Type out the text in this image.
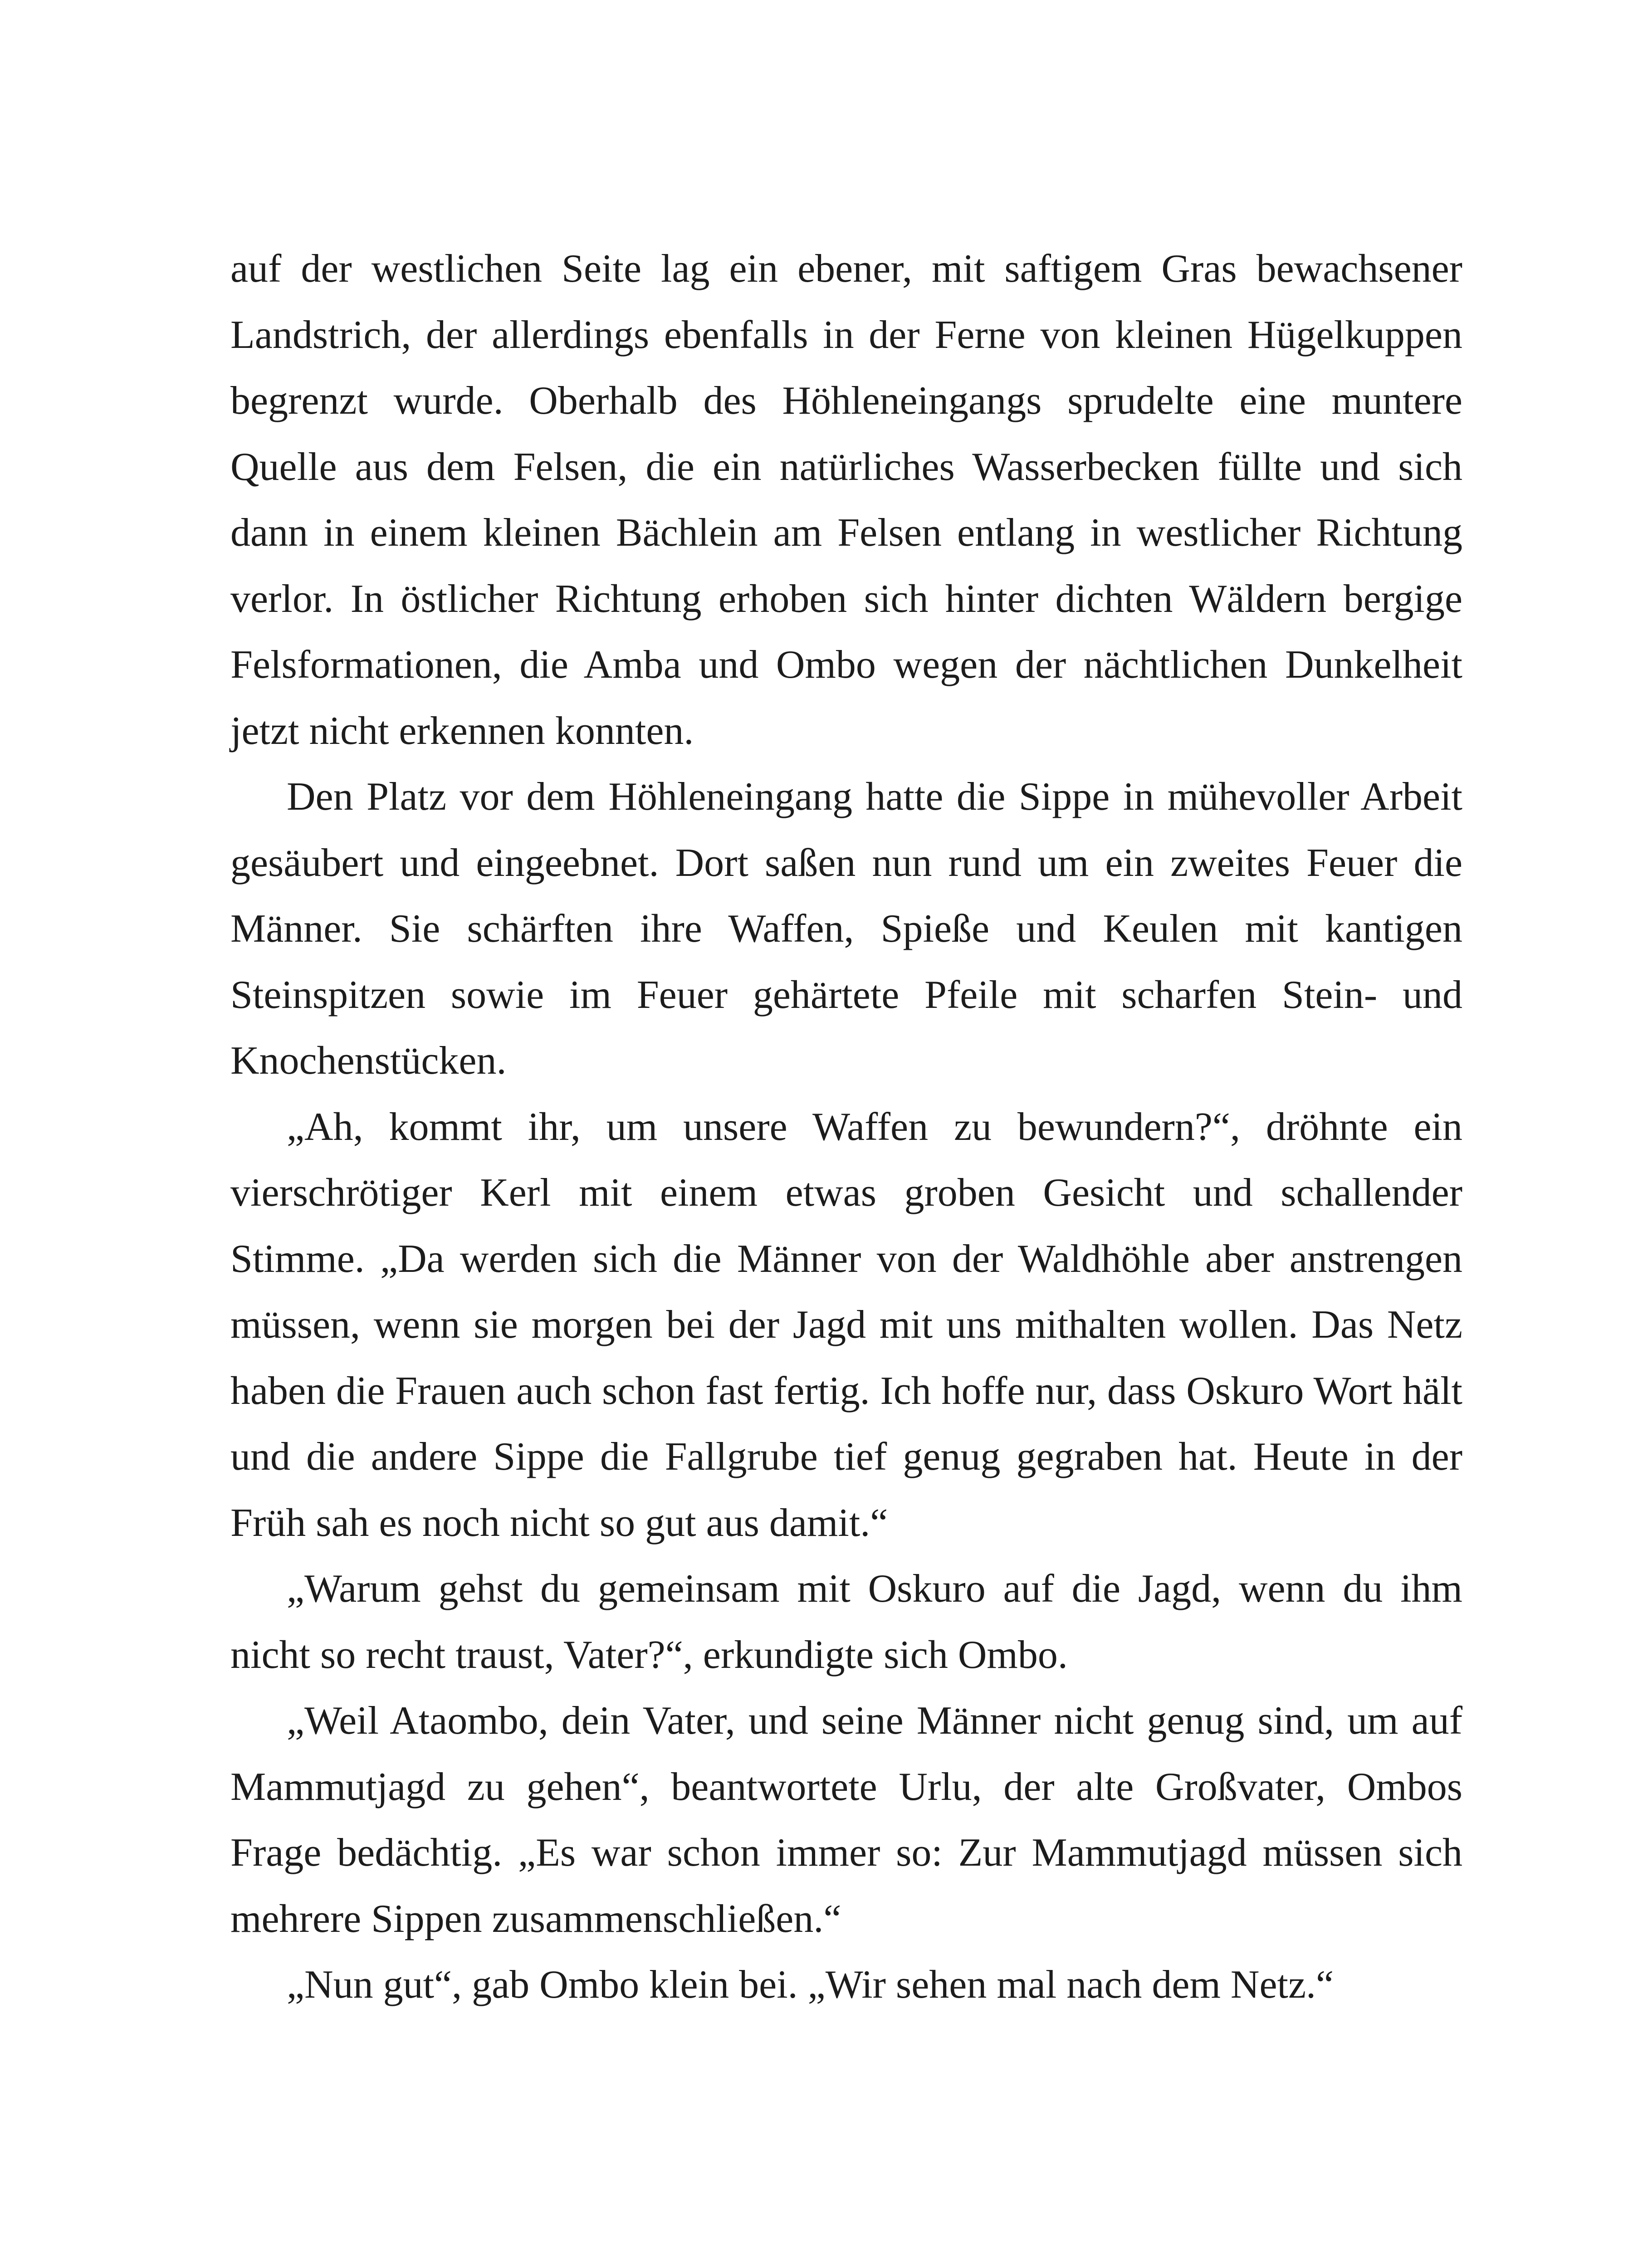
auf der westlichen Seite lag ein ebener, mit saftigem Gras bewachsener Landstrich, der allerdings ebenfalls in der Ferne von kleinen Hügelkuppen begrenzt wurde. Oberhalb des Höhleneingangs sprudelte eine muntere Quelle aus dem Felsen, die ein natürliches Wasserbecken füllte und sich dann in einem kleinen Bächlein am Felsen entlang in westlicher Richtung verlor. In östlicher Richtung erhoben sich hinter dichten Wäldern bergige Felsformationen, die Amba und Ombo wegen der nächtlichen Dunkelheit jetzt nicht erkennen konnten.

Den Platz vor dem Höhleneingang hatte die Sippe in mühevoller Arbeit gesäubert und eingeebnet. Dort saßen nun rund um ein zweites Feuer die Männer. Sie schärften ihre Waffen, Spieße und Keulen mit kantigen Steinspitzen sowie im Feuer gehärtete Pfeile mit scharfen Stein- und Knochenstücken.

„Ah, kommt ihr, um unsere Waffen zu bewundern?“, dröhnte ein vierschrötiger Kerl mit einem etwas groben Gesicht und schallender Stimme. „Da werden sich die Männer von der Waldhöhle aber anstrengen müssen, wenn sie morgen bei der Jagd mit uns mithalten wollen. Das Netz haben die Frauen auch schon fast fertig. Ich hoffe nur, dass Oskuro Wort hält und die andere Sippe die Fallgrube tief genug gegraben hat. Heute in der Früh sah es noch nicht so gut aus damit.“

„Warum gehst du gemeinsam mit Oskuro auf die Jagd, wenn du ihm nicht so recht traust, Vater?“, erkundigte sich Ombo.

„Weil Ataombo, dein Vater, und seine Männer nicht genug sind, um auf Mammutjagd zu gehen“, beantwortete Urlu, der alte Großvater, Ombos Frage bedächtig. „Es war schon immer so: Zur Mammutjagd müssen sich mehrere Sippen zusammenschließen.“

„Nun gut“, gab Ombo klein bei. „Wir sehen mal nach dem Netz.“
